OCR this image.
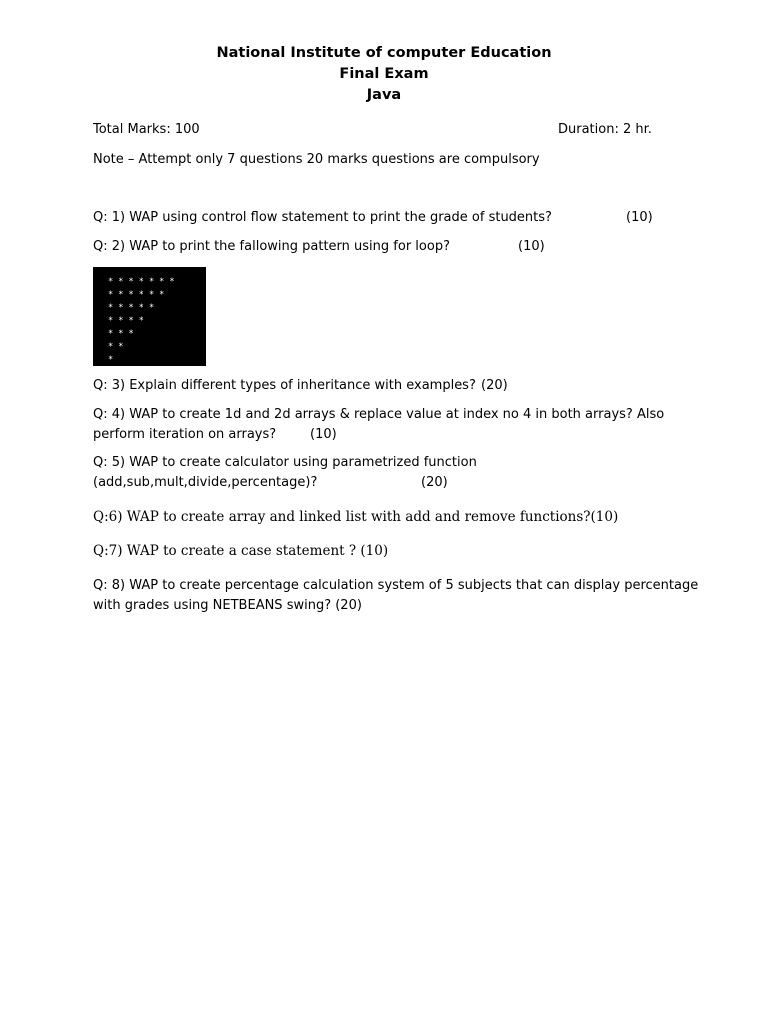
National Institute of computer Education
Final Exam
Java
Total Marks: 100	Duration: 2 hr.
Note – Attempt only 7 questions 20 marks questions are compulsory
Q: 1) WAP using control flow statement to print the grade of students?	(10)
Q: 2) WAP to print the fallowing pattern using for loop?	(10)
* * * * * * *
* * * * * *
* * * * *
* * * *
* * *
* *
*
Q: 3) Explain different types of inheritance with examples? (20)
Q: 4) WAP to create 1d and 2d arrays & replace value at index no 4 in both arrays? Also
perform iteration on arrays?	(10)
Q: 5) WAP to create calculator using parametrized function
(add,sub,mult,divide,percentage)?	(20)
Q:6) WAP to create array and linked list with add and remove functions?(10)
Q:7) WAP to create a case statement ? (10)
Q: 8) WAP to create percentage calculation system of 5 subjects that can display percentage
with grades using NETBEANS swing? (20)
